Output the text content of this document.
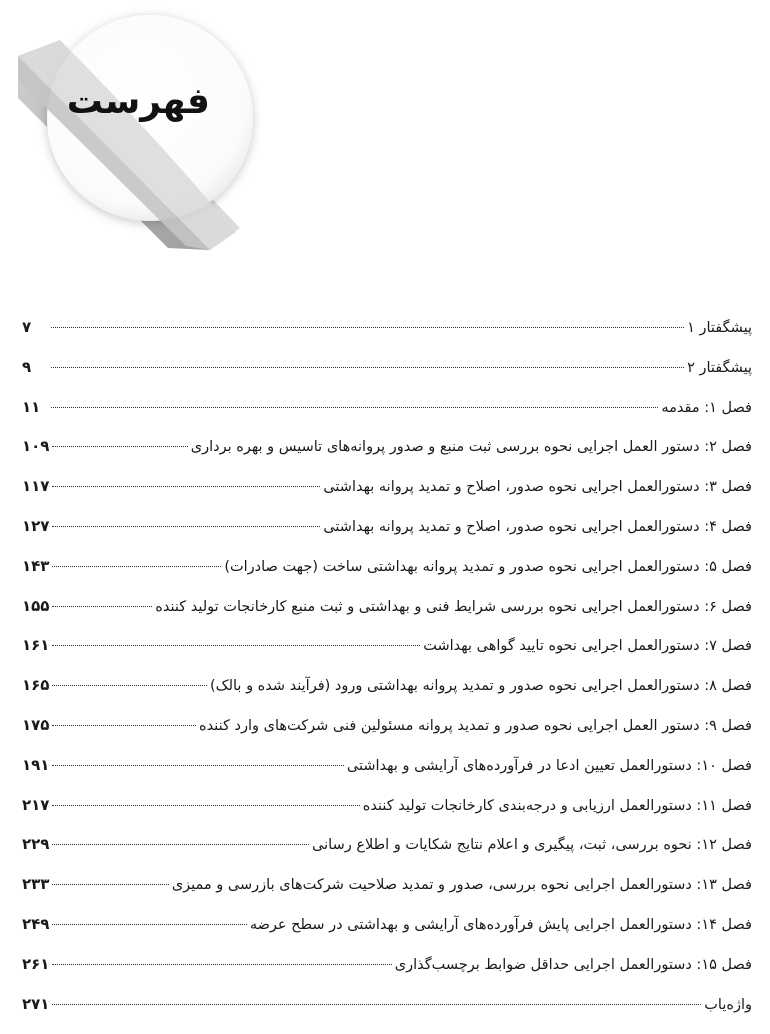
فهرست
۷	پیشگفتار ۱
۹	پیشگفتار ۲
۱۱	فصل ۱: مقدمه
۱۰۹	فصل ۲: دستور العمل اجرایی نحوه بررسی ثبت منبع و صدور پروانه‌های تاسیس و بهره برداری
۱۱۷	فصل ۳: دستورالعمل اجرایی نحوه صدور، اصلاح و تمدید پروانه بهداشتی
۱۲۷	فصل ۴: دستورالعمل اجرایی نحوه صدور، اصلاح و تمدید پروانه بهداشتی
۱۴۳	فصل ۵: دستورالعمل اجرایی نحوه صدور و تمدید پروانه بهداشتی ساخت (جهت صادرات)
۱۵۵	فصل ۶: دستورالعمل اجرایی نحوه بررسی شرایط فنی و بهداشتی و ثبت منبع کارخانجات تولید کننده
۱۶۱	فصل ۷: دستورالعمل اجرایی نحوه تایید گواهی بهداشت
۱۶۵	فصل ۸: دستورالعمل اجرایی نحوه صدور و تمدید پروانه بهداشتی ورود (فرآیند شده و بالک)
۱۷۵	فصل ۹: دستور العمل اجرایی نحوه صدور و تمدید پروانه مسئولین فنی شرکت‌های وارد کننده
۱۹۱	فصل ۱۰: دستورالعمل تعیین ادعا در فرآورده‌های آرایشی و بهداشتی
۲۱۷	فصل ۱۱: دستورالعمل ارزیابی و درجه‌بندی کارخانجات تولید کننده
۲۲۹	فصل ۱۲: نحوه بررسی، ثبت، پیگیری و اعلام نتایج شکایات و اطلاع رسانی
۲۳۳	فصل ۱۳: دستورالعمل اجرایی نحوه بررسی، صدور و تمدید صلاحیت شرکت‌های بازرسی و ممیزی
۲۴۹	فصل ۱۴: دستورالعمل اجرایی پایش فرآورده‌های آرایشی و بهداشتی در سطح عرضه
۲۶۱	فصل ۱۵: دستورالعمل اجرایی حداقل ضوابط برچسب‌گذاری
۲۷۱	واژه‌یاب
